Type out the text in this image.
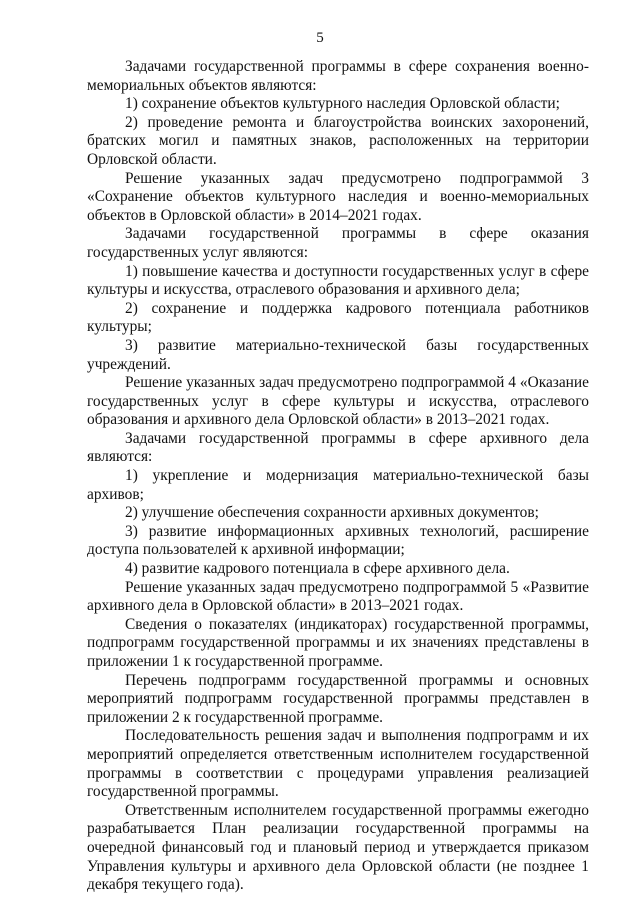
5

Задачами государственной программы в сфере сохранения военно-мемориальных объектов являются:

1) сохранение объектов культурного наследия Орловской области;

2) проведение ремонта и благоустройства воинских захоронений, братских могил и памятных знаков, расположенных на территории Орловской области.

Решение указанных задач предусмотрено подпрограммой 3 «Сохранение объектов культурного наследия и военно-мемориальных объектов в Орловской области» в 2014–2021 годах.

Задачами государственной программы в сфере оказания государственных услуг являются:

1) повышение качества и доступности государственных услуг в сфере культуры и искусства, отраслевого образования и архивного дела;

2) сохранение и поддержка кадрового потенциала работников культуры;

3) развитие материально-технической базы государственных учреждений.

Решение указанных задач предусмотрено подпрограммой 4 «Оказание государственных услуг в сфере культуры и искусства, отраслевого образования и архивного дела Орловской области» в 2013–2021 годах.

Задачами государственной программы в сфере архивного дела являются:

1) укрепление и модернизация материально-технической базы архивов;

2) улучшение обеспечения сохранности архивных документов;

3) развитие информационных архивных технологий, расширение доступа пользователей к архивной информации;

4) развитие кадрового потенциала в сфере архивного дела.

Решение указанных задач предусмотрено подпрограммой 5 «Развитие архивного дела в Орловской области» в 2013–2021 годах.

Сведения о показателях (индикаторах) государственной программы, подпрограмм государственной программы и их значениях представлены в приложении 1 к государственной программе.

Перечень подпрограмм государственной программы и основных мероприятий подпрограмм государственной программы представлен в приложении 2 к государственной программе.

Последовательность решения задач и выполнения подпрограмм и их мероприятий определяется ответственным исполнителем государственной программы в соответствии с процедурами управления реализацией государственной программы.

Ответственным исполнителем государственной программы ежегодно разрабатывается План реализации государственной программы на очередной финансовый год и плановый период и утверждается приказом Управления культуры и архивного дела Орловской области (не позднее 1 декабря текущего года).
